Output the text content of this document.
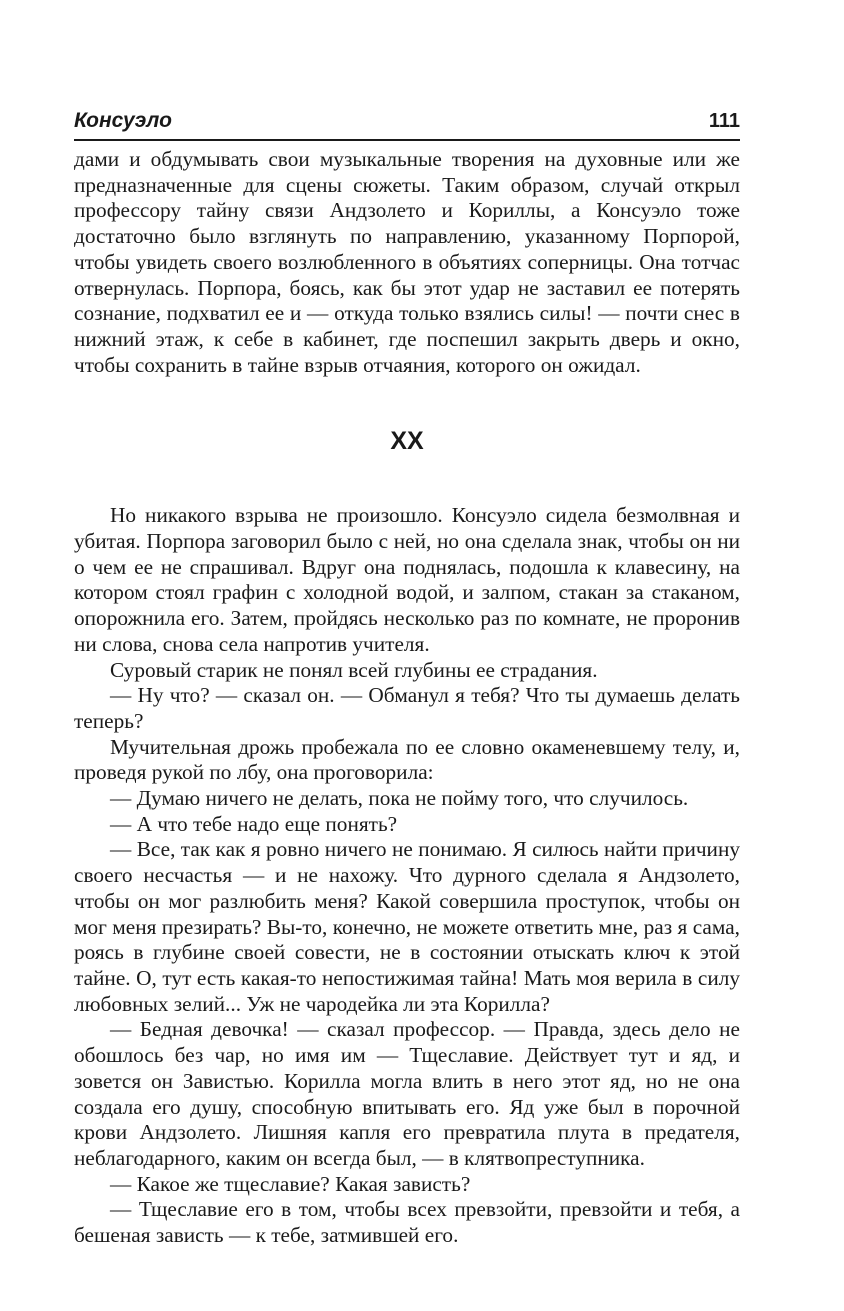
Консуэло	111

дами и обдумывать свои музыкальные творения на духовные или же предназначенные для сцены сюжеты. Таким образом, случай открыл профессору тайну связи Андзолето и Кориллы, а Консуэло тоже достаточно было взглянуть по направлению, указанному Порпорой, чтобы увидеть своего возлюбленного в объятиях соперницы. Она тотчас отвернулась. Порпора, боясь, как бы этот удар не заставил ее потерять сознание, подхватил ее и — откуда только взялись силы! — почти снес в нижний этаж, к себе в кабинет, где поспешил закрыть дверь и окно, чтобы сохранить в тайне взрыв отчаяния, которого он ожидал.

XX

Но никакого взрыва не произошло. Консуэло сидела безмолвная и убитая. Порпора заговорил было с ней, но она сделала знак, чтобы он ни о чем ее не спрашивал. Вдруг она поднялась, подошла к клавесину, на котором стоял графин с холодной водой, и залпом, стакан за стаканом, опорожнила его. Затем, пройдясь несколько раз по комнате, не проронив ни слова, снова села напротив учителя.

Суровый старик не понял всей глубины ее страдания.

— Ну что? — сказал он. — Обманул я тебя? Что ты думаешь делать теперь?

Мучительная дрожь пробежала по ее словно окаменевшему телу, и, проведя рукой по лбу, она проговорила:

— Думаю ничего не делать, пока не пойму того, что случилось.

— А что тебе надо еще понять?

— Все, так как я ровно ничего не понимаю. Я силюсь найти причину своего несчастья — и не нахожу. Что дурного сделала я Андзолето, чтобы он мог разлюбить меня? Какой совершила проступок, чтобы он мог меня презирать? Вы-то, конечно, не можете ответить мне, раз я сама, роясь в глубине своей совести, не в состоянии отыскать ключ к этой тайне. О, тут есть какая-то непостижимая тайна! Мать моя верила в силу любовных зелий... Уж не чародейка ли эта Корилла?

— Бедная девочка! — сказал профессор. — Правда, здесь дело не обошлось без чар, но имя им — Тщеславие. Действует тут и яд, и зовется он Завистью. Корилла могла влить в него этот яд, но не она создала его душу, способную впитывать его. Яд уже был в порочной крови Андзолето. Лишняя капля его превратила плута в предателя, неблагодарного, каким он всегда был, — в клятвопреступника.

— Какое же тщеславие? Какая зависть?

— Тщеславие его в том, чтобы всех превзойти, превзойти и тебя, а бешеная зависть — к тебе, затмившей его.
